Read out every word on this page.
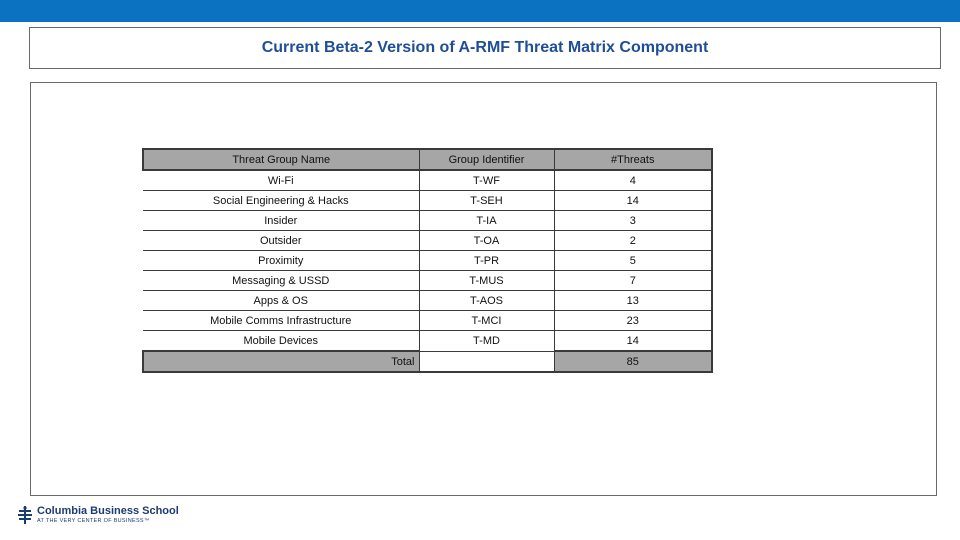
Current Beta-2 Version of A-RMF Threat Matrix Component
Threat Group Name	Group Identifier	#Threats
Wi-Fi	T-WF	4
Social Engineering & Hacks	T-SEH	14
Insider	T-IA	3
Outsider	T-OA	2
Proximity	T-PR	5
Messaging & USSD	T-MUS	7
Apps & OS	T-AOS	13
Mobile Comms Infrastructure	T-MCI	23
Mobile Devices	T-MD	14
Total		85
Columbia Business School
AT THE VERY CENTER OF BUSINESS™
